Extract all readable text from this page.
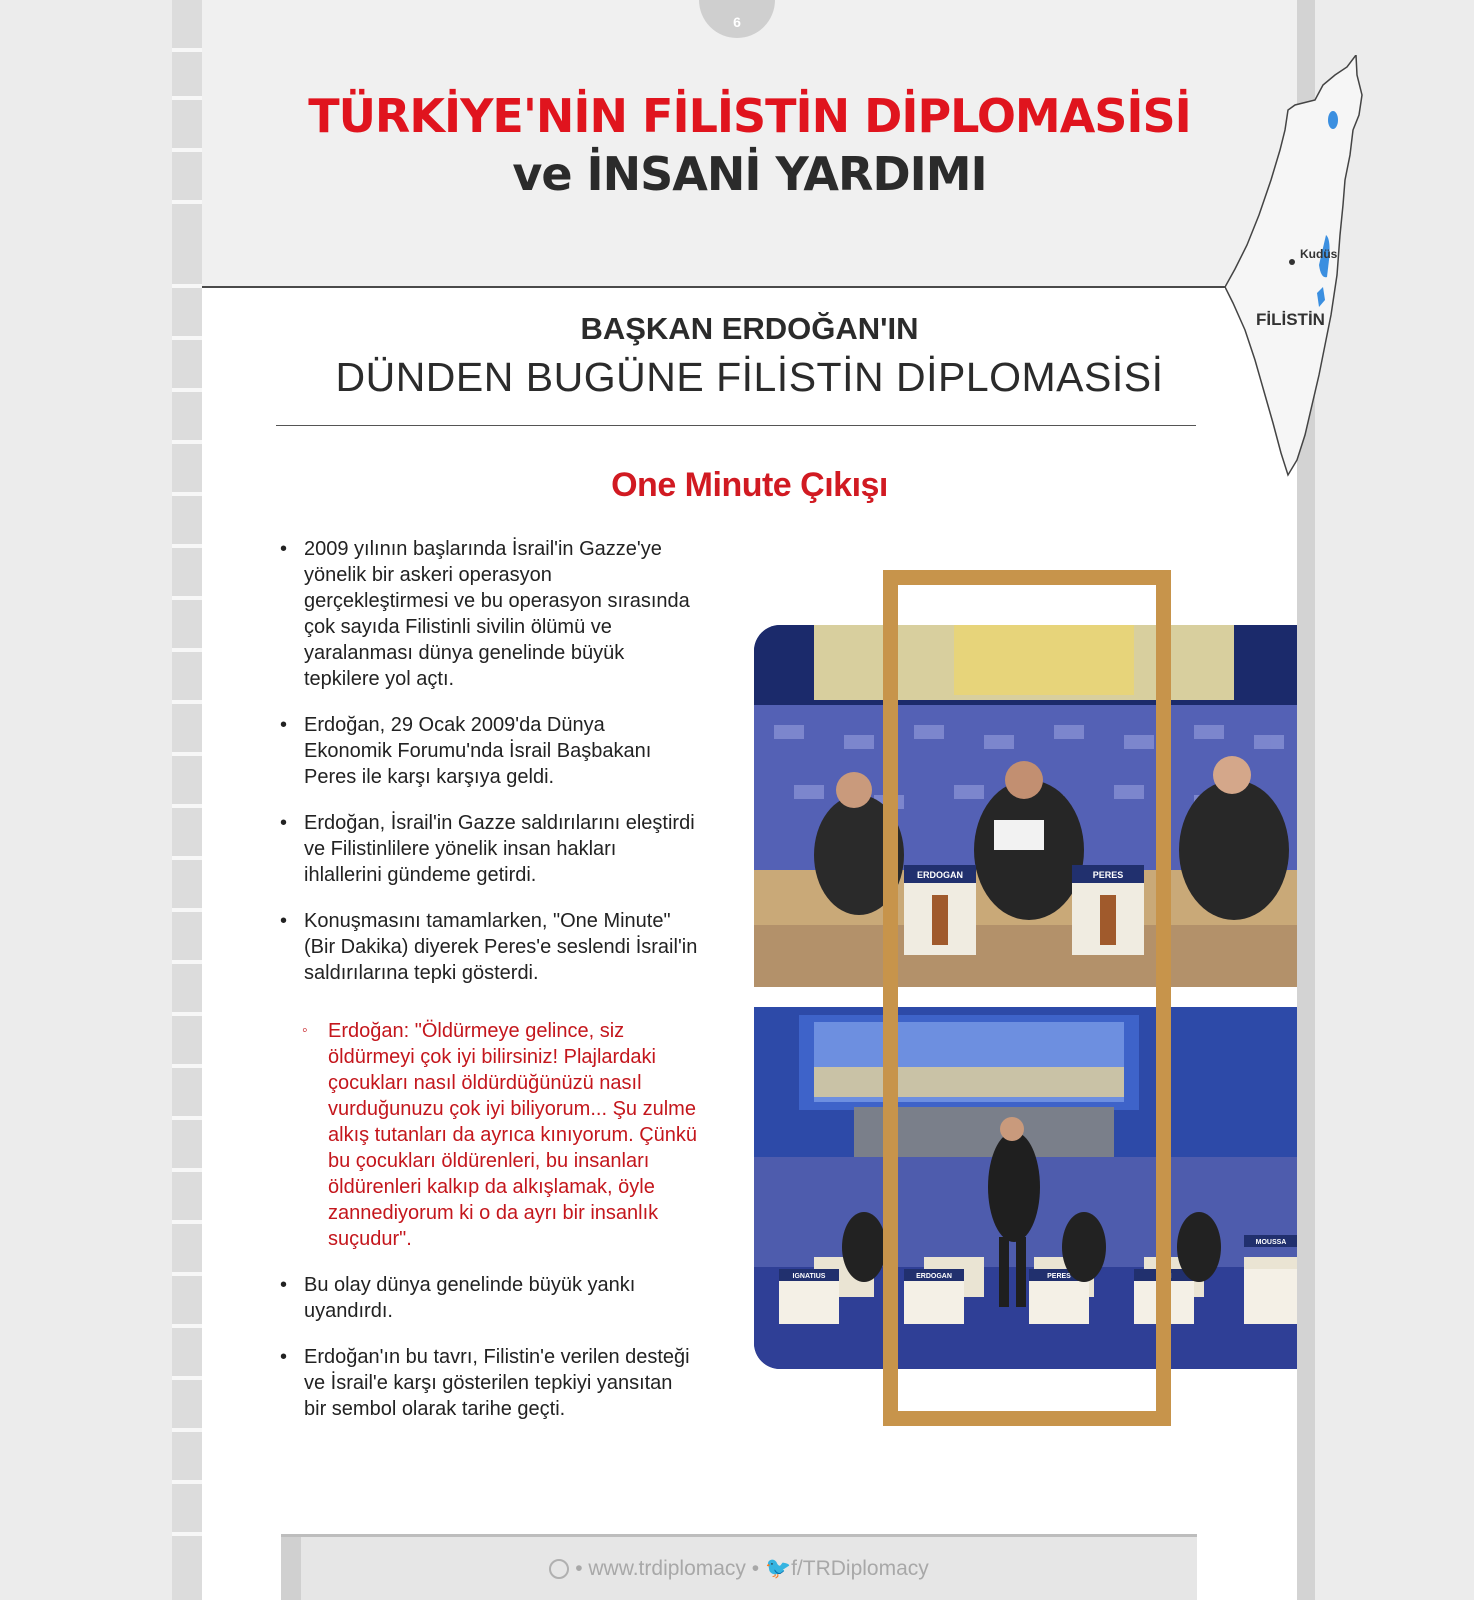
6
TÜRKİYE'NİN FİLİSTİN DİPLOMASİSİ
ve İNSANİ YARDIMI
BAŞKAN ERDOĞAN'IN
DÜNDEN BUGÜNE FİLİSTİN DİPLOMASİSİ
One Minute Çıkışı
• 2009 yılının başlarında İsrail'in Gazze'ye yönelik bir askeri operasyon gerçekleştirmesi ve bu operasyon sırasında çok sayıda Filistinli sivilin ölümü ve yaralanması dünya genelinde büyük tepkilere yol açtı.
• Erdoğan, 29 Ocak 2009'da Dünya Ekonomik Forumu'nda İsrail Başbakanı Peres ile karşı karşıya geldi.
• Erdoğan, İsrail'in Gazze saldırılarını eleştirdi ve Filistinlilere yönelik insan hakları ihlallerini gündeme getirdi.
• Konuşmasını tamamlarken, "One Minute" (Bir Dakika) diyerek Peres'e seslendi İsrail'in saldırılarına tepki gösterdi.
◦ Erdoğan: "Öldürmeye gelince, siz öldürmeyi çok iyi bilirsiniz! Plajlardaki çocukları nasıl öldürdüğünüzü nasıl vurduğunuzu çok iyi biliyorum... Şu zulme alkış tutanları da ayrıca kınıyorum. Çünkü bu çocukları öldürenleri, bu insanları öldürenleri kalkıp da alkışlamak, öyle zannediyorum ki o da ayrı bir insanlık suçudur".
• Bu olay dünya genelinde büyük yankı uyandırdı.
• Erdoğan'ın bu tavrı, Filistin'e verilen desteği ve İsrail'e karşı gösterilen tepkiyi yansıtan bir sembol olarak tarihe geçti.
ERDOGAN	PERES
IGNATIUS	ERDOGAN	PERES	BAN
MOUSSA
• www.trdiplomacy • 🐦f/TRDiplomacy
Kudüs
FİLİSTİN
